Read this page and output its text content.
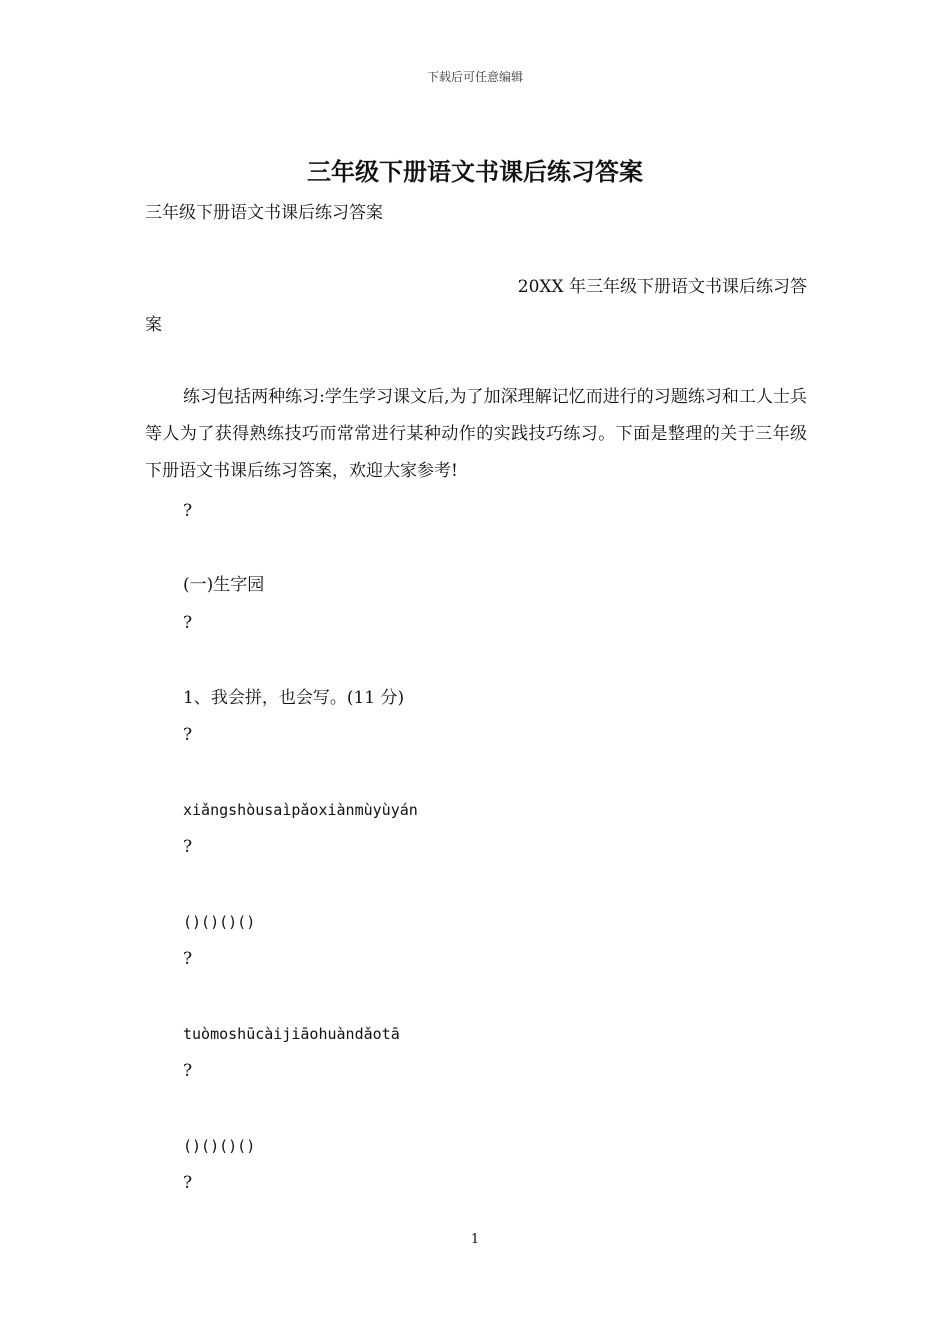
下载后可任意编辑
三年级下册语文书课后练习答案
三年级下册语文书课后练习答案
20XX 年三年级下册语文书课后练习答
案

练习包括两种练习:学生学习课文后,为了加深理解记忆而进行的习题练习和工人士兵等人为了获得熟练技巧而常常进行某种动作的实践技巧练习。下面是整理的关于三年级下册语文书课后练习答案，欢迎大家参考!

?
(一)生字园
?
1、我会拼，也会写。(11 分)
?
xiǎngshòusaìpǎoxiànmùyùyán
?
()()()()
?
tuòmoshūcàijiāohuàndǎotā
?
()()()()
?
1
